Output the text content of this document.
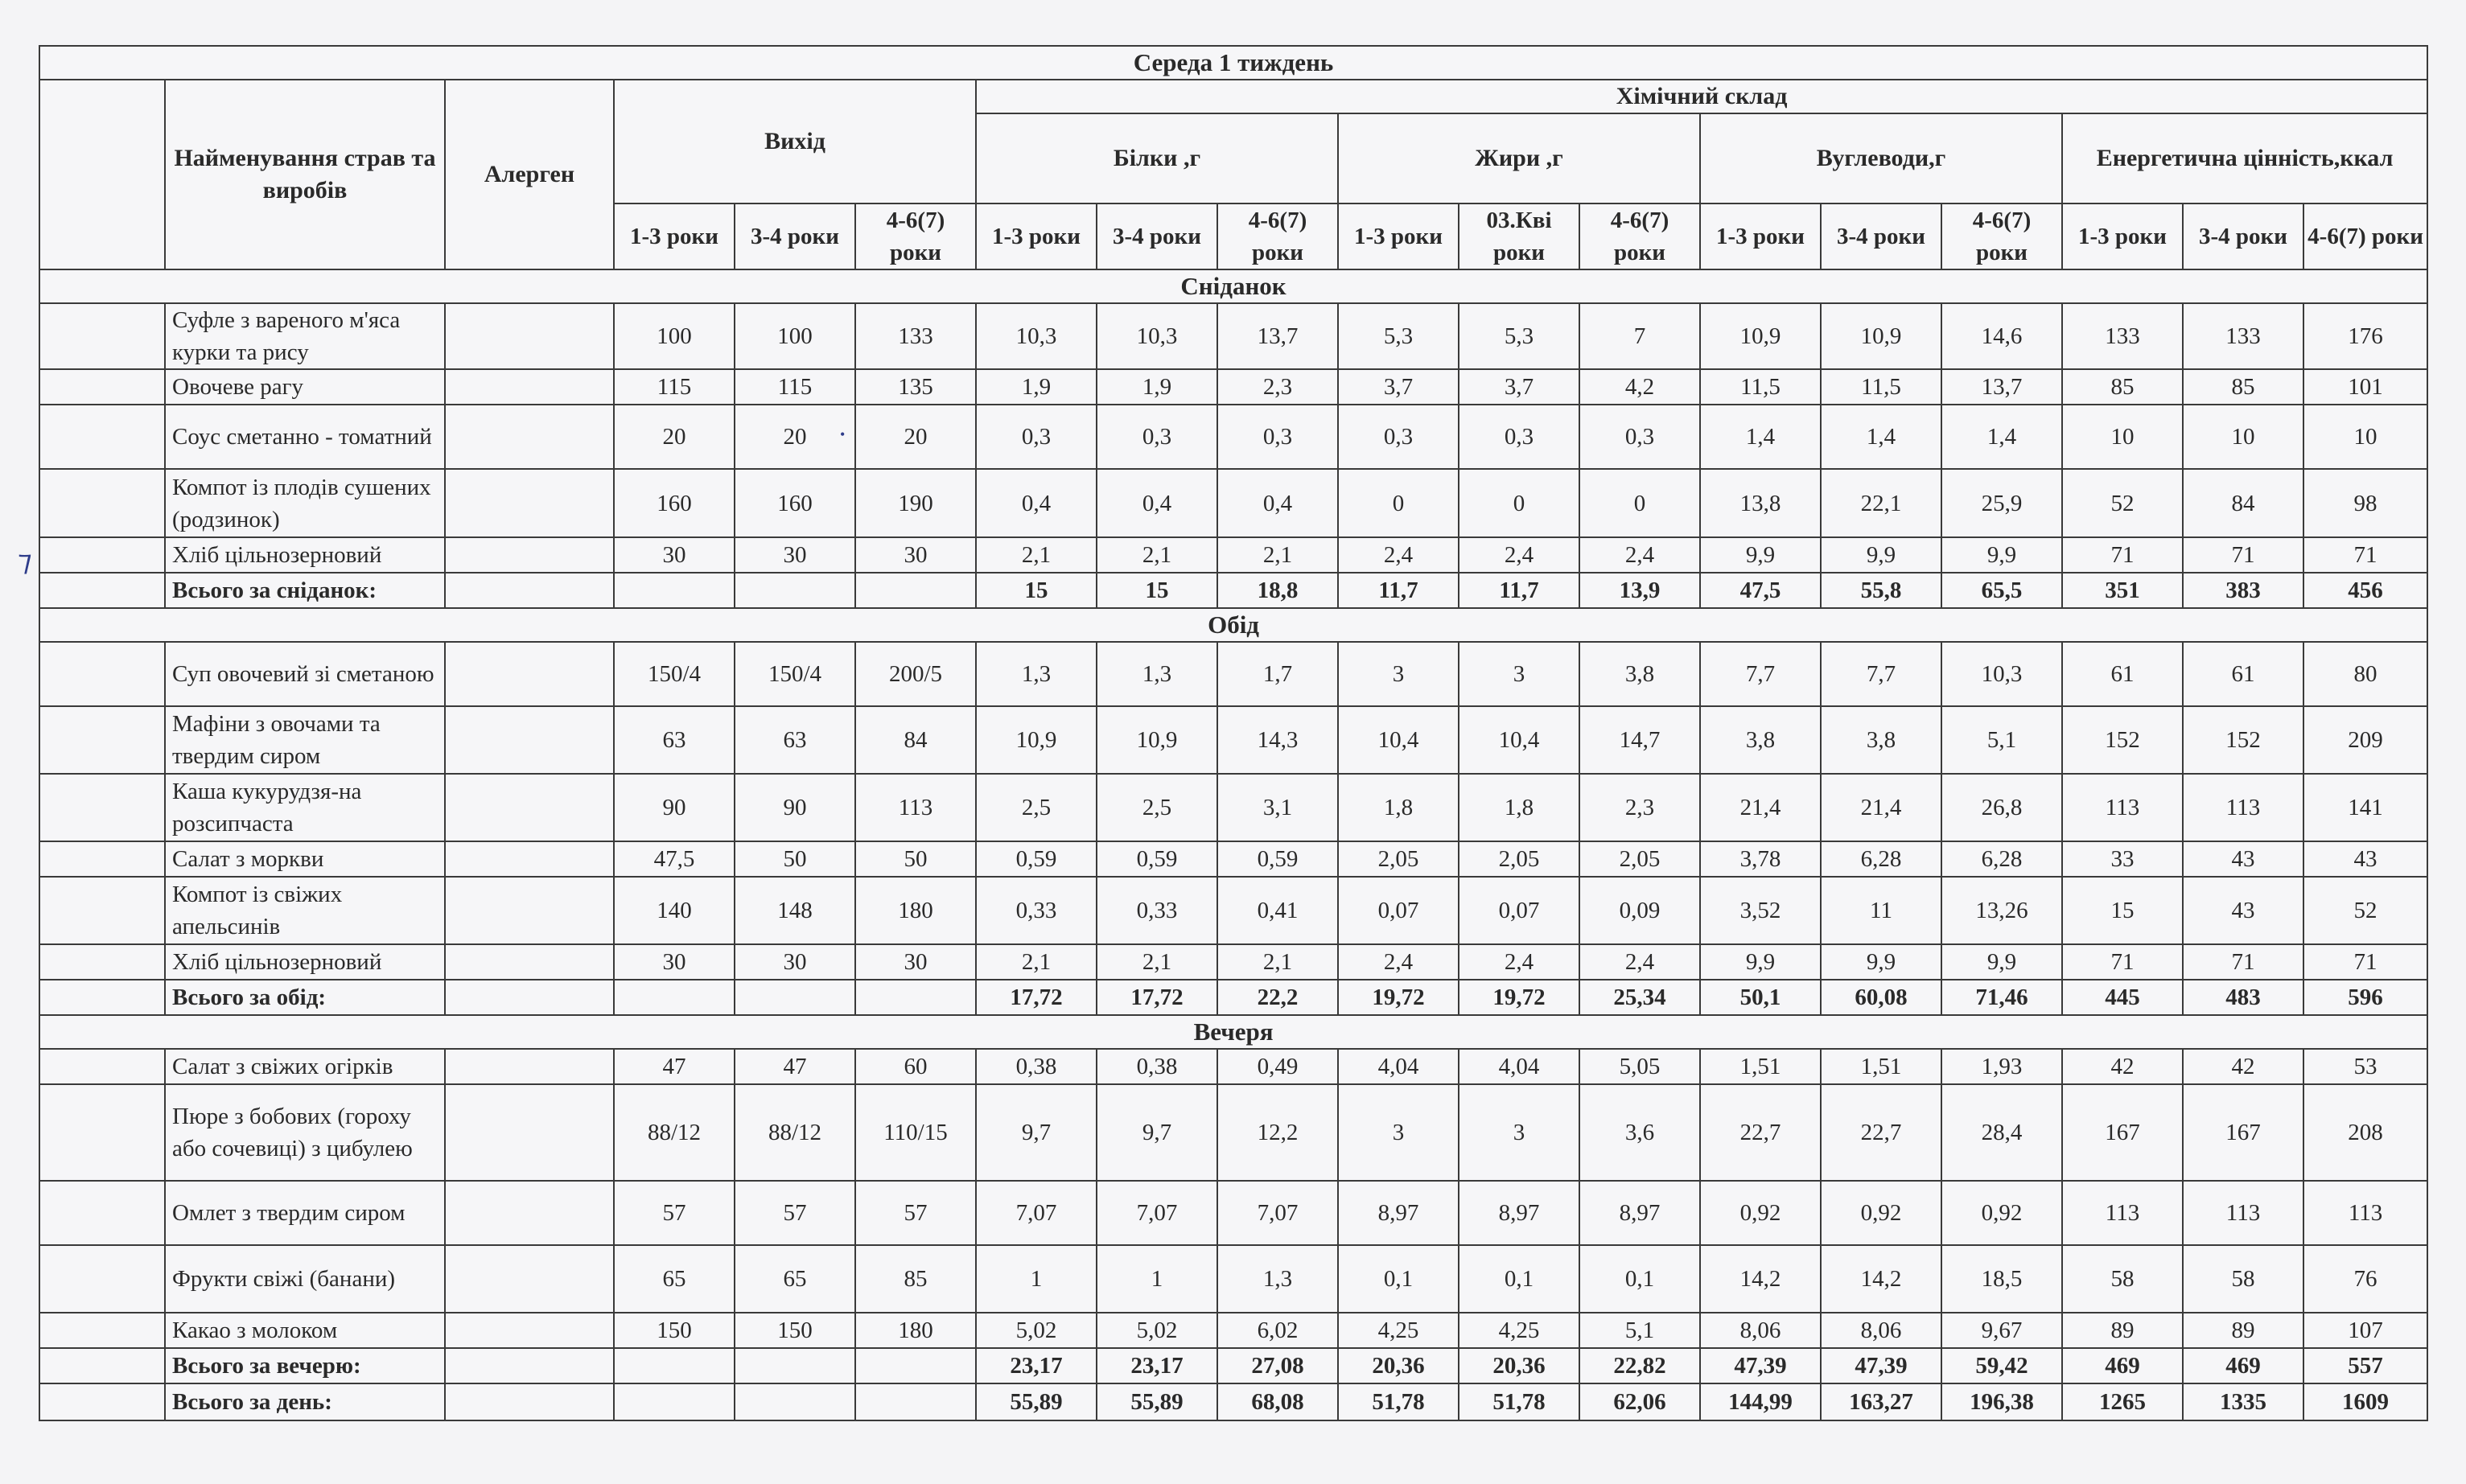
Середа 1 тиждень																	
	Найменування страв та виробів	Алерген	Вихід			Хімічний склад											
						Білки ,г			Жири ,г			Вуглеводи,г			Енергетична цінність,ккал		
			1-3 роки	3-4 роки	4-6(7) роки	1-3 роки	3-4 роки	4-6(7) роки	1-3 роки	03.Кві роки	4-6(7) роки	1-3 роки	3-4 роки	4-6(7) роки	1-3 роки	3-4 роки	4-6(7) роки

Сніданок																	
	Суфле з вареного м'яса курки та рису		100	100	133	10,3	10,3	13,7	5,3	5,3	7	10,9	10,9	14,6	133	133	176
	Овочеве рагу		115	115	135	1,9	1,9	2,3	3,7	3,7	4,2	11,5	11,5	13,7	85	85	101
	Соус сметанно - томатний		20	20	20	0,3	0,3	0,3	0,3	0,3	0,3	1,4	1,4	1,4	10	10	10
	Компот із плодів сушених (родзинок)		160	160	190	0,4	0,4	0,4	0	0	0	13,8	22,1	25,9	52	84	98
	Хліб цільнозерновий		30	30	30	2,1	2,1	2,1	2,4	2,4	2,4	9,9	9,9	9,9	71	71	71
	Всього за сніданок:					15	15	18,8	11,7	11,7	13,9	47,5	55,8	65,5	351	383	456
Обід																	
	Суп овочевий зі сметаною		150/4	150/4	200/5	1,3	1,3	1,7	3	3	3,8	7,7	7,7	10,3	61	61	80
	Мафіни з овочами та твердим сиром		63	63	84	10,9	10,9	14,3	10,4	10,4	14,7	3,8	3,8	5,1	152	152	209
	Каша кукурудзя-на розсипчаста		90	90	113	2,5	2,5	3,1	1,8	1,8	2,3	21,4	21,4	26,8	113	113	141
	Салат з моркви		47,5	50	50	0,59	0,59	0,59	2,05	2,05	2,05	3,78	6,28	6,28	33	43	43
	Компот із свіжих апельсинів		140	148	180	0,33	0,33	0,41	0,07	0,07	0,09	3,52	11	13,26	15	43	52
	Хліб цільнозерновий		30	30	30	2,1	2,1	2,1	2,4	2,4	2,4	9,9	9,9	9,9	71	71	71
	Всього за обід:					17,72	17,72	22,2	19,72	19,72	25,34	50,1	60,08	71,46	445	483	596
Вечеря																	
	Салат з свіжих огірків		47	47	60	0,38	0,38	0,49	4,04	4,04	5,05	1,51	1,51	1,93	42	42	53
	Пюре з бобових (гороху або сочевиці) з цибулею		88/12	88/12	110/15	9,7	9,7	12,2	3	3	3,6	22,7	22,7	28,4	167	167	208
	Омлет з твердим сиром		57	57	57	7,07	7,07	7,07	8,97	8,97	8,97	0,92	0,92	0,92	113	113	113
	Фрукти свіжі (банани)		65	65	85	1	1	1,3	0,1	0,1	0,1	14,2	14,2	18,5	58	58	76
	Какао з молоком		150	150	180	5,02	5,02	6,02	4,25	4,25	5,1	8,06	8,06	9,67	89	89	107
	Всього за вечерю:					23,17	23,17	27,08	20,36	20,36	22,82	47,39	47,39	59,42	469	469	557
	Всього за день:					55,89	55,89	68,08	51,78	51,78	62,06	144,99	163,27	196,38	1265	1335	1609
⁊
•
